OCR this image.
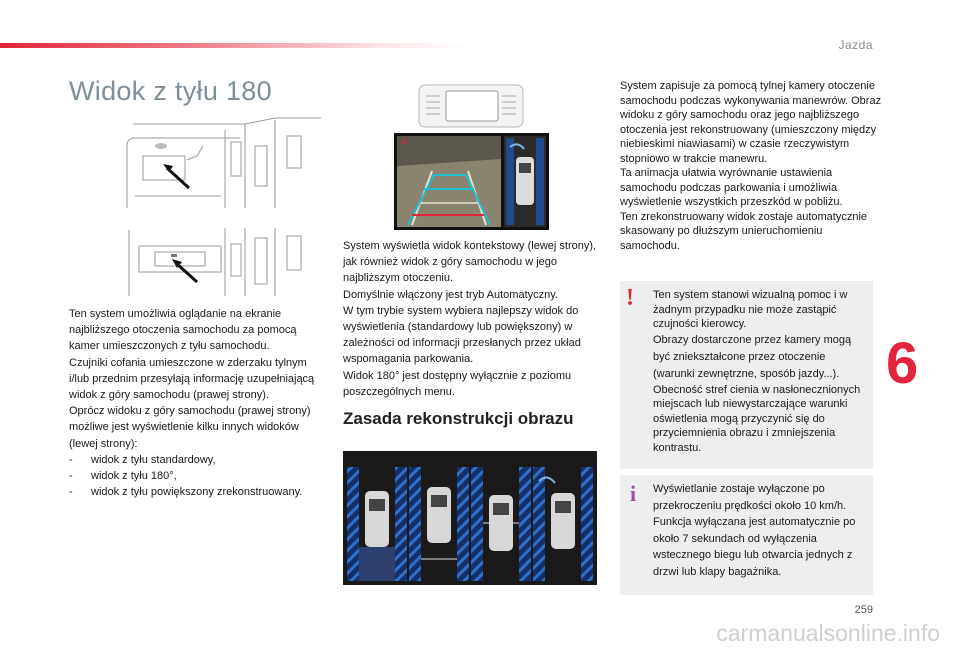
Jazda
6
259
carmanualsonline.info
Widok z tyłu 180
✕

Ten system umożliwia oglądanie na ekranie najbliższego otoczenia samochodu za pomocą kamer umieszczonych z tyłu samochodu.

Czujniki cofania umieszczone w zderzaku tylnym i/lub przednim przesyłają informację uzupełniającą widok z góry samochodu (prawej strony).

Oprócz widoku z góry samochodu (prawej strony) możliwe jest wyświetlenie kilku innych widoków (lewej strony):

-	widok z tyłu standardowy,
-	widok z tyłu 180°,
-	widok z tyłu powiększony zrekonstruowany.

System wyświetla widok kontekstowy (lewej strony), jak również widok z góry samochodu w jego najbliższym otoczeniu.

Domyślnie włączony jest tryb Automatyczny.

W tym trybie system wybiera najlepszy widok do wyświetlenia (standardowy lub powiększony) w zależności od informacji przesłanych przez układ wspomagania parkowania.

Widok 180° jest dostępny wyłącznie z poziomu poszczególnych menu.

Zasada rekonstrukcji obrazu

System zapisuje za pomocą tylnej kamery otoczenie samochodu podczas wykonywania manewrów. Obraz widoku z góry samochodu oraz jego najbliższego otoczenia jest rekonstruowany (umieszczony między niebieskimi niawiasami) w czasie rzeczywistym stopniowo w trakcie manewru.

Ta animacja ułatwia wyrównanie ustawienia samochodu podczas parkowania i umożliwia wyświetlenie wszystkich przeszkód w pobliżu.

Ten zrekonstruowany widok zostaje automatycznie skasowany po dłuższym unieruchomieniu samochodu.

! Ten system stanowi wizualną pomoc i w żadnym przypadku nie może zastąpić czujności kierowcy.

Obrazy dostarczone przez kamery mogą być zniekształcone przez otoczenie (warunki zewnętrzne, sposób jazdy...).

Obecność stref cienia w nasłonecznionych miejscach lub niewystarczające warunki oświetlenia mogą przyczynić się do przyciemnienia obrazu i zmniejszenia kontrastu.

i Wyświetlanie zostaje wyłączone po przekroczeniu prędkości około 10 km/h.

Funkcja wyłączana jest automatycznie po około 7 sekundach od wyłączenia wstecznego biegu lub otwarcia jednych z drzwi lub klapy bagażnika.
